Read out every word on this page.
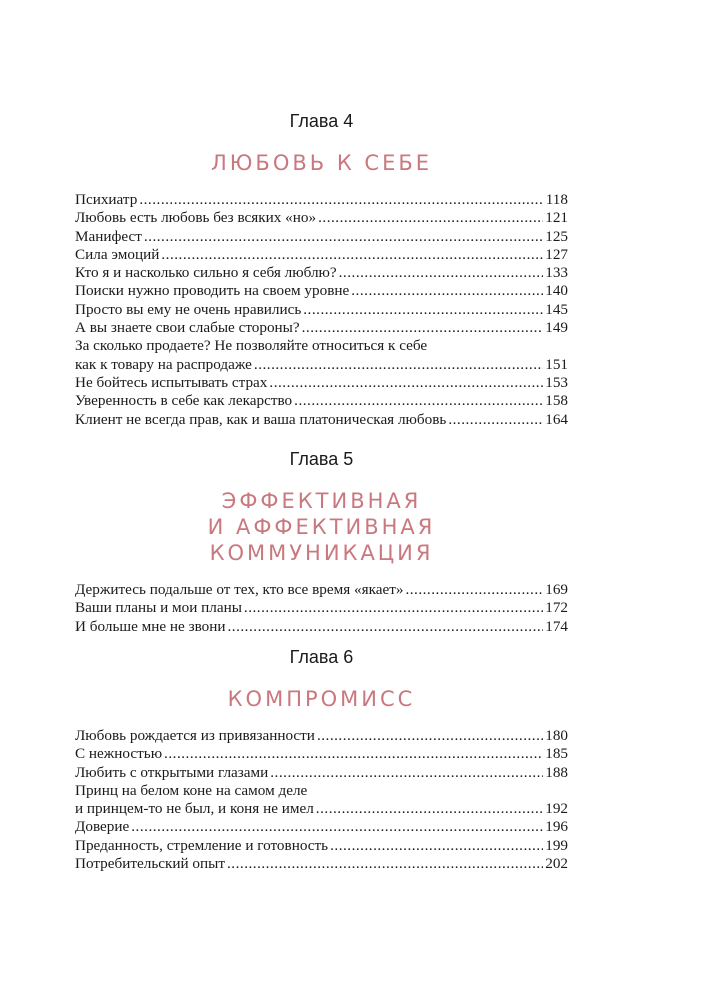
Глава 4
ЛЮБОВЬ К СЕБЕ
Психиатр .....	118
Любовь есть любовь без всяких «но» .....	121
Манифест .....	125
Сила эмоций .....	127
Кто я и насколько сильно я себя люблю? .....	133
Поиски нужно проводить на своем уровне .....	140
Просто вы ему не очень нравились .....	145
А вы знаете свои слабые стороны? .....	149
За сколько продаете? Не позволяйте относиться к себе
как к товару на распродаже .....	151
Не бойтесь испытывать страх .....	153
Уверенность в себе как лекарство .....	158
Клиент не всегда прав, как и ваша платоническая любовь .....	164
Глава 5
ЭФФЕКТИВНАЯ
И АФФЕКТИВНАЯ
КОММУНИКАЦИЯ
Держитесь подальше от тех, кто все время «якает» .....	169
Ваши планы и мои планы .....	172
И больше мне не звони .....	174
Глава 6
КОМПРОМИСС
Любовь рождается из привязанности .....	180
С нежностью .....	185
Любить с открытыми глазами .....	188
Принц на белом коне на самом деле
и принцем-то не был, и коня не имел .....	192
Доверие .....	196
Преданность, стремление и готовность .....	199
Потребительский опыт .....	202
